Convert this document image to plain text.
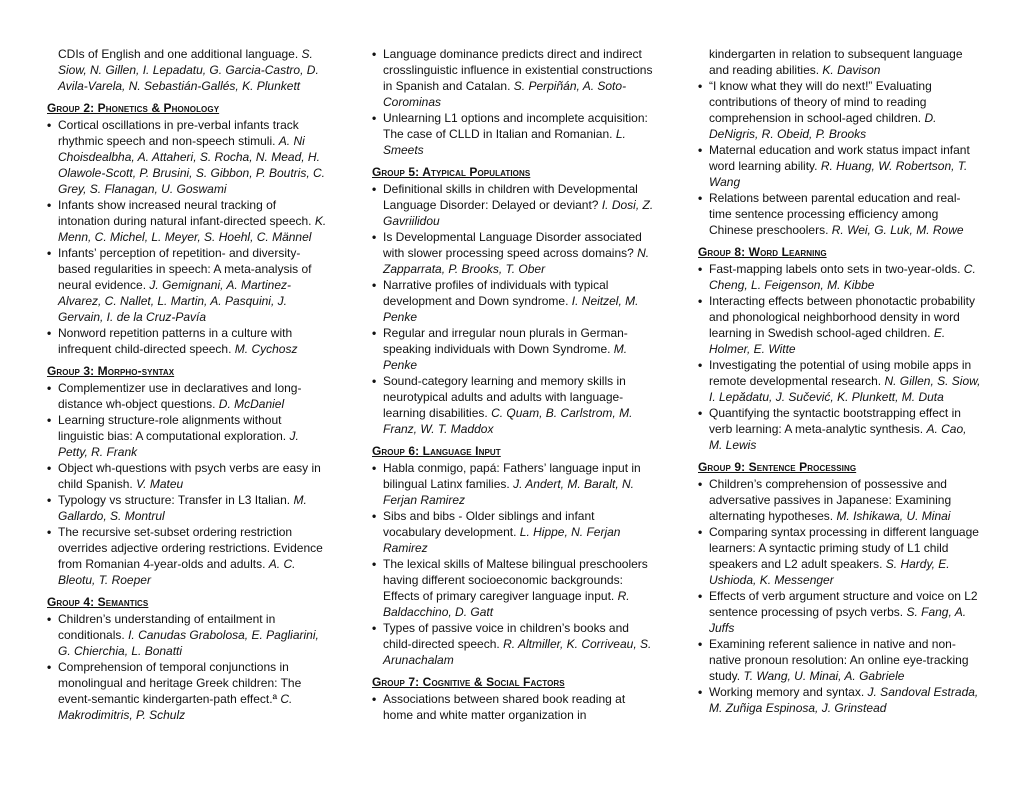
CDIs of English and one additional language. S. Siow, N. Gillen, I. Lepadatu, G. Garcia-Castro, D. Avila-Varela, N. Sebastián-Gallés, K. Plunkett

Group 2: Phonetics & Phonology
• Cortical oscillations in pre-verbal infants track rhythmic speech and non-speech stimuli. A. Ni Choisdealbha, A. Attaheri, S. Rocha, N. Mead, H. Olawole-Scott, P. Brusini, S. Gibbon, P. Boutris, C. Grey, S. Flanagan, U. Goswami
• Infants show increased neural tracking of intonation during natural infant-directed speech. K. Menn, C. Michel, L. Meyer, S. Hoehl, C. Männel
• Infants’ perception of repetition- and diversity-based regularities in speech: A meta-analysis of neural evidence. J. Gemignani, A. Martinez-Alvarez, C. Nallet, L. Martin, A. Pasquini, J. Gervain, I. de la Cruz-Pavía
• Nonword repetition patterns in a culture with infrequent child-directed speech. M. Cychosz
Group 3: Morpho-syntax
• Complementizer use in declaratives and long-distance wh-object questions. D. McDaniel
• Learning structure-role alignments without linguistic bias: A computational exploration. J. Petty, R. Frank
• Object wh-questions with psych verbs are easy in child Spanish. V. Mateu
• Typology vs structure: Transfer in L3 Italian. M. Gallardo, S. Montrul
• The recursive set-subset ordering restriction overrides adjective ordering restrictions. Evidence from Romanian 4-year-olds and adults. A. C. Bleotu, T. Roeper
Group 4: Semantics
• Children’s understanding of entailment in conditionals. I. Canudas Grabolosa, E. Pagliarini, G. Chierchia, L. Bonatti
• Comprehension of temporal conjunctions in monolingual and heritage Greek children: The event-semantic kindergarten-path effect.ª C. Makrodimitris, P. Schulz
• Language dominance predicts direct and indirect crosslinguistic influence in existential constructions in Spanish and Catalan. S. Perpiñán, A. Soto-Corominas
• Unlearning L1 options and incomplete acquisition: The case of CLLD in Italian and Romanian. L. Smeets
Group 5: Atypical Populations
• Definitional skills in children with Developmental Language Disorder: Delayed or deviant? I. Dosi, Z. Gavriilidou
• Is Developmental Language Disorder associated with slower processing speed across domains? N. Zapparrata, P. Brooks, T. Ober
• Narrative profiles of individuals with typical development and Down syndrome. I. Neitzel, M. Penke
• Regular and irregular noun plurals in German-speaking individuals with Down Syndrome. M. Penke
• Sound-category learning and memory skills in neurotypical adults and adults with language-learning disabilities. C. Quam, B. Carlstrom, M. Franz, W. T. Maddox
Group 6: Language Input
• Habla conmigo, papá: Fathers’ language input in bilingual Latinx families. J. Andert, M. Baralt, N. Ferjan Ramirez
• Sibs and bibs - Older siblings and infant vocabulary development. L. Hippe, N. Ferjan Ramirez
• The lexical skills of Maltese bilingual preschoolers having different socioeconomic backgrounds: Effects of primary caregiver language input. R. Baldacchino, D. Gatt
• Types of passive voice in children’s books and child-directed speech. R. Altmiller, K. Corriveau, S. Arunachalam
Group 7: Cognitive & Social Factors
• Associations between shared book reading at home and white matter organization in

kindergarten in relation to subsequent language and reading abilities. K. Davison

• “I know what they will do next!” Evaluating contributions of theory of mind to reading comprehension in school-aged children. D. DeNigris, R. Obeid, P. Brooks
• Maternal education and work status impact infant word learning ability. R. Huang, W. Robertson, T. Wang
• Relations between parental education and real-time sentence processing efficiency among Chinese preschoolers. R. Wei, G. Luk, M. Rowe
Group 8: Word Learning
• Fast-mapping labels onto sets in two-year-olds. C. Cheng, L. Feigenson, M. Kibbe
• Interacting effects between phonotactic probability and phonological neighborhood density in word learning in Swedish school-aged children. E. Holmer, E. Witte
• Investigating the potential of using mobile apps in remote developmental research. N. Gillen, S. Siow, I. Lepădatu, J. Sučević, K. Plunkett, M. Duta
• Quantifying the syntactic bootstrapping effect in verb learning: A meta-analytic synthesis. A. Cao, M. Lewis
Group 9: Sentence Processing
• Children’s comprehension of possessive and adversative passives in Japanese: Examining alternating hypotheses. M. Ishikawa, U. Minai
• Comparing syntax processing in different language learners: A syntactic priming study of L1 child speakers and L2 adult speakers. S. Hardy, E. Ushioda, K. Messenger
• Effects of verb argument structure and voice on L2 sentence processing of psych verbs. S. Fang, A. Juffs
• Examining referent salience in native and non-native pronoun resolution: An online eye-tracking study. T. Wang, U. Minai, A. Gabriele
• Working memory and syntax. J. Sandoval Estrada, M. Zuñiga Espinosa, J. Grinstead
